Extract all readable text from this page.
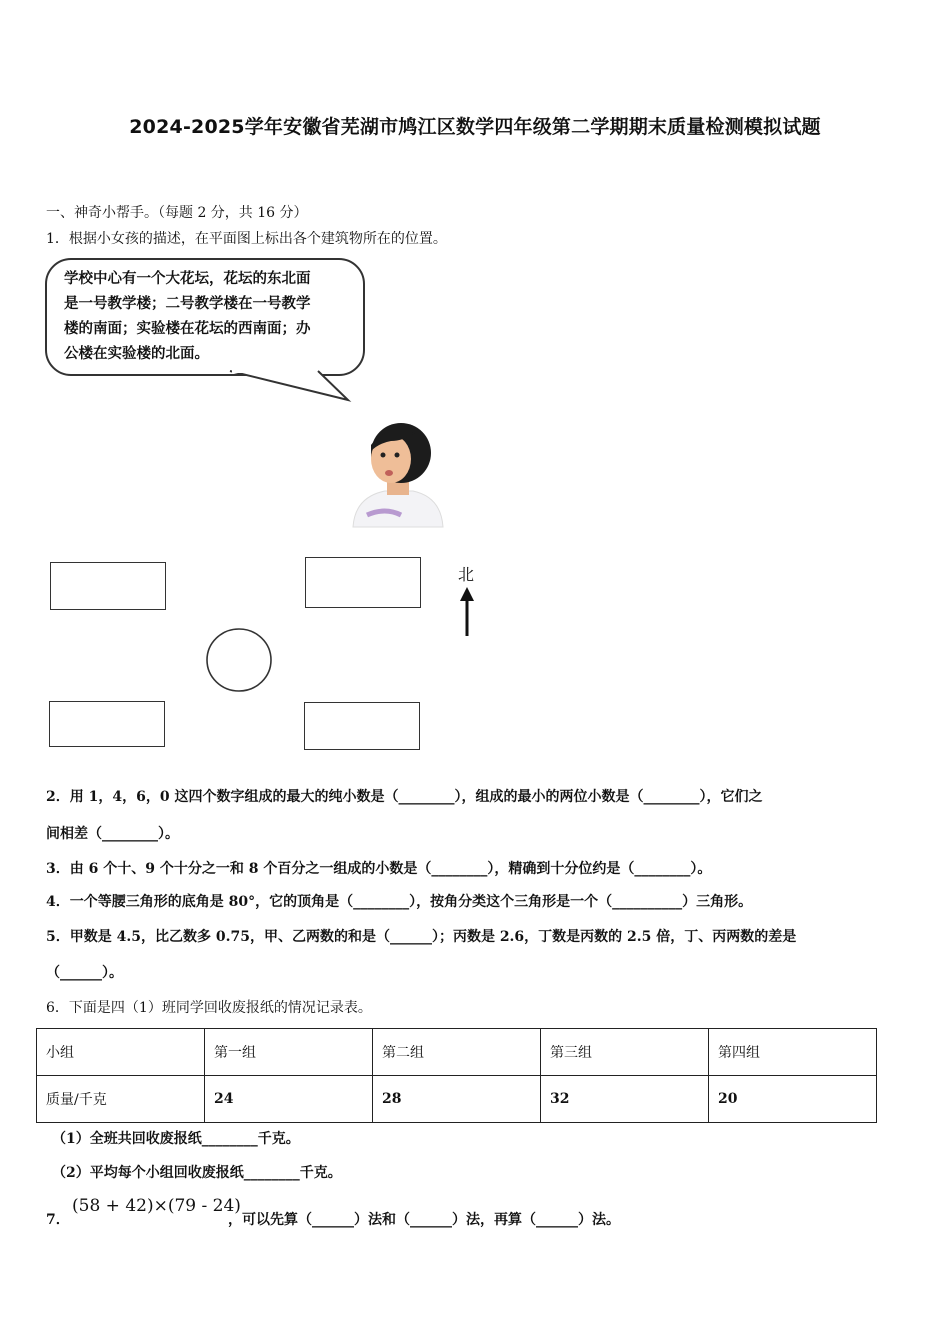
2024-2025学年安徽省芜湖市鸠江区数学四年级第二学期期末质量检测模拟试题
一、神奇小帮手。（每题 2 分，共 16 分）
1．根据小女孩的描述，在平面图上标出各个建筑物所在的位置。
学校中心有一个大花坛，花坛的东北面
是一号教学楼；二号教学楼在一号教学
楼的南面；实验楼在花坛的西南面；办
公楼在实验楼的北面。
北
2．用 1，4，6，0 这四个数字组成的最大的纯小数是（________），组成的最小的两位小数是（________），它们之
间相差（________）。
3．由 6 个十、9 个十分之一和 8 个百分之一组成的小数是（________），精确到十分位约是（________）。
4．一个等腰三角形的底角是 80°，它的顶角是（________），按角分类这个三角形是一个（__________）三角形。
5．甲数是 4.5，比乙数多 0.75，甲、乙两数的和是（______）；丙数是 2.6，丁数是丙数的 2.5 倍，丁、丙两数的差是
（______）。
6．下面是四（1）班同学回收废报纸的情况记录表。
小组	第一组	第二组	第三组	第四组
质量/千克	24	28	32	20
（1）全班共回收废报纸________千克。
（2）平均每个小组回收废报纸________千克。
7．
(58 + 42)×(79 - 24)
，可以先算（______）法和（______）法，再算（______）法。
